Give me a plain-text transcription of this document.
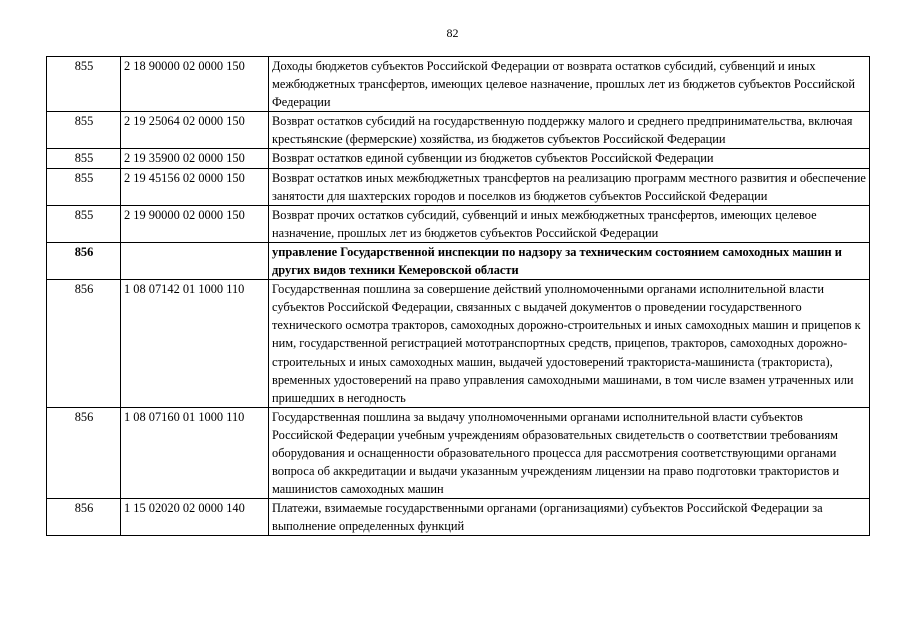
82
855	2 18 90000 02 0000 150	Доходы бюджетов субъектов Российской Федерации от возврата остатков субсидий, субвенций и иных межбюджетных трансфертов, имеющих целевое назначение, прошлых лет из бюджетов субъектов Российской Федерации
855	2 19 25064 02 0000 150	Возврат остатков субсидий на государственную поддержку малого и среднего предпринимательства, включая крестьянские (фермерские) хозяйства, из бюджетов субъектов Российской Федерации
855	2 19 35900 02 0000 150	Возврат остатков единой субвенции из бюджетов субъектов Российской Федерации
855	2 19 45156 02 0000 150	Возврат остатков иных межбюджетных трансфертов на реализацию программ местного развития и обеспечение занятости для шахтерских городов и поселков из бюджетов субъектов Российской Федерации
855	2 19 90000 02 0000 150	Возврат прочих остатков субсидий, субвенций и иных межбюджетных трансфертов, имеющих целевое назначение, прошлых лет из бюджетов субъектов Российской Федерации
856		управление Государственной инспекции по надзору за техническим состоянием самоходных машин и других видов техники Кемеровской области
856	1 08 07142 01 1000 110	Государственная пошлина за совершение действий уполномоченными органами исполнительной власти субъектов Российской Федерации, связанных с выдачей документов о проведении государственного технического осмотра тракторов, самоходных дорожно-строительных и иных самоходных машин и прицепов к ним, государственной регистрацией мототранспортных средств, прицепов, тракторов, самоходных дорожно-строительных и иных самоходных машин, выдачей удостоверений тракториста-машиниста (тракториста), временных удостоверений на право управления самоходными машинами, в том числе взамен утраченных или пришедших в негодность
856	1 08 07160 01 1000 110	Государственная пошлина за выдачу уполномоченными органами исполнительной власти субъектов Российской Федерации учебным учреждениям образовательных свидетельств о соответствии требованиям оборудования и оснащенности образовательного процесса для рассмотрения соответствующими органами вопроса об аккредитации и выдачи указанным учреждениям лицензии на право подготовки трактористов и машинистов самоходных машин
856	1 15 02020 02 0000 140	Платежи, взимаемые государственными органами (организациями) субъектов Российской Федерации за выполнение определенных функций
